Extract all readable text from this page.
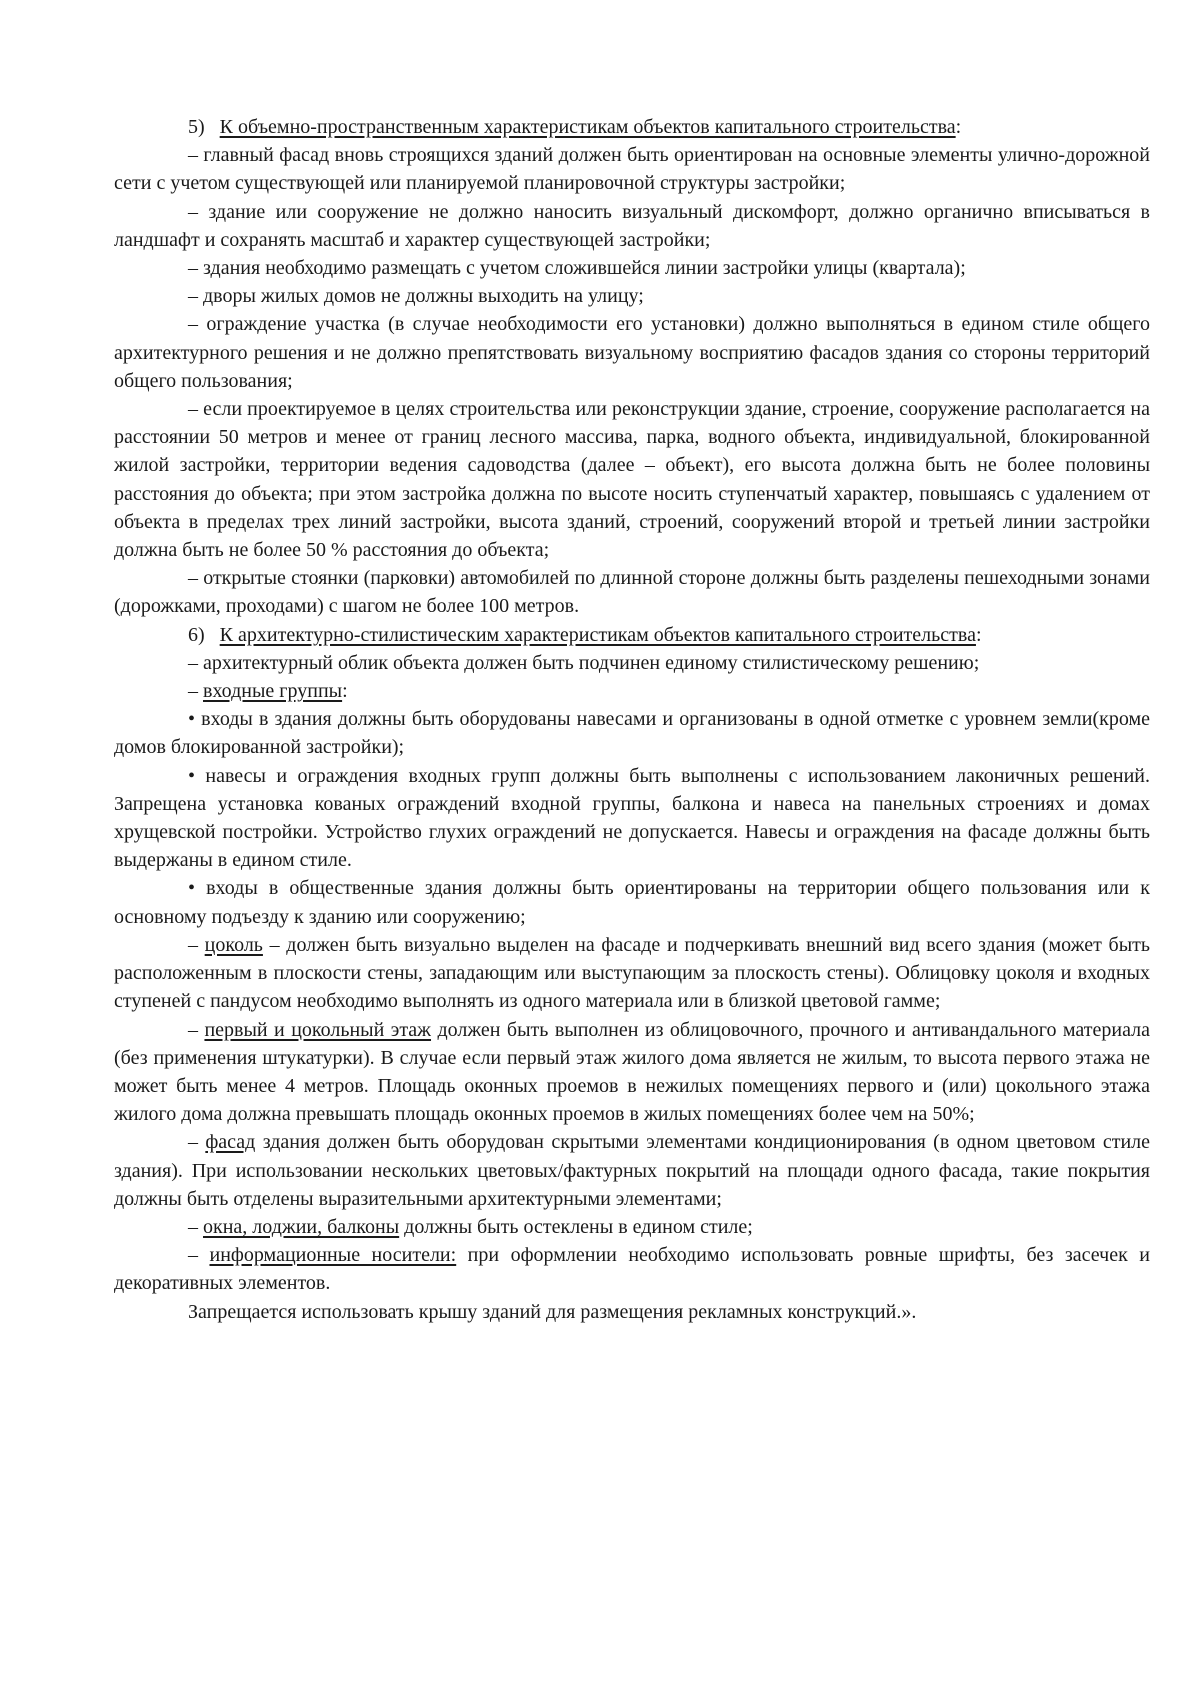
5) К объемно-пространственным характеристикам объектов капитального строительства:

– главный фасад вновь строящихся зданий должен быть ориентирован на основные элементы улично-дорожной сети с учетом существующей или планируемой планировочной структуры застройки;

– здание или сооружение не должно наносить визуальный дискомфорт, должно органично вписываться в ландшафт и сохранять масштаб и характер существующей застройки;

– здания необходимо размещать с учетом сложившейся линии застройки улицы (квартала);

– дворы жилых домов не должны выходить на улицу;

– ограждение участка (в случае необходимости его установки) должно выполняться в едином стиле общего архитектурного решения и не должно препятствовать визуальному восприятию фасадов здания со стороны территорий общего пользования;

– если проектируемое в целях строительства или реконструкции здание, строение, сооружение располагается на расстоянии 50 метров и менее от границ лесного массива, парка, водного объекта, индивидуальной, блокированной жилой застройки, территории ведения садоводства (далее – объект), его высота должна быть не более половины расстояния до объекта; при этом застройка должна по высоте носить ступенчатый характер, повышаясь с удалением от объекта в пределах трех линий застройки, высота зданий, строений, сооружений второй и третьей линии застройки должна быть не более 50 % расстояния до объекта;

– открытые стоянки (парковки) автомобилей по длинной стороне должны быть разделены пешеходными зонами (дорожками, проходами) с шагом не более 100 метров.

6) К архитектурно-стилистическим характеристикам объектов капитального строительства:

– архитектурный облик объекта должен быть подчинен единому стилистическому решению;

– входные группы:

• входы в здания должны быть оборудованы навесами и организованы в одной отметке с уровнем земли(кроме домов блокированной застройки);

• навесы и ограждения входных групп должны быть выполнены с использованием лаконичных решений. Запрещена установка кованых ограждений входной группы, балкона и навеса на панельных строениях и домах хрущевской постройки. Устройство глухих ограждений не допускается. Навесы и ограждения на фасаде должны быть выдержаны в едином стиле.

• входы в общественные здания должны быть ориентированы на территории общего пользования или к основному подъезду к зданию или сооружению;

– цоколь – должен быть визуально выделен на фасаде и подчеркивать внешний вид всего здания (может быть расположенным в плоскости стены, западающим или выступающим за плоскость стены). Облицовку цоколя и входных ступеней с пандусом необходимо выполнять из одного материала или в близкой цветовой гамме;

– первый и цокольный этаж должен быть выполнен из облицовочного, прочного и антивандального материала (без применения штукатурки). В случае если первый этаж жилого дома является не жилым, то высота первого этажа не может быть менее 4 метров. Площадь оконных проемов в нежилых помещениях первого и (или) цокольного этажа жилого дома должна превышать площадь оконных проемов в жилых помещениях более чем на 50%;

– фасад здания должен быть оборудован скрытыми элементами кондиционирования (в одном цветовом стиле здания). При использовании нескольких цветовых/фактурных покрытий на площади одного фасада, такие покрытия должны быть отделены выразительными архитектурными элементами;

– окна, лоджии, балконы должны быть остеклены в едином стиле;

– информационные носители: при оформлении необходимо использовать ровные шрифты, без засечек и декоративных элементов.

Запрещается использовать крышу зданий для размещения рекламных конструкций.».
